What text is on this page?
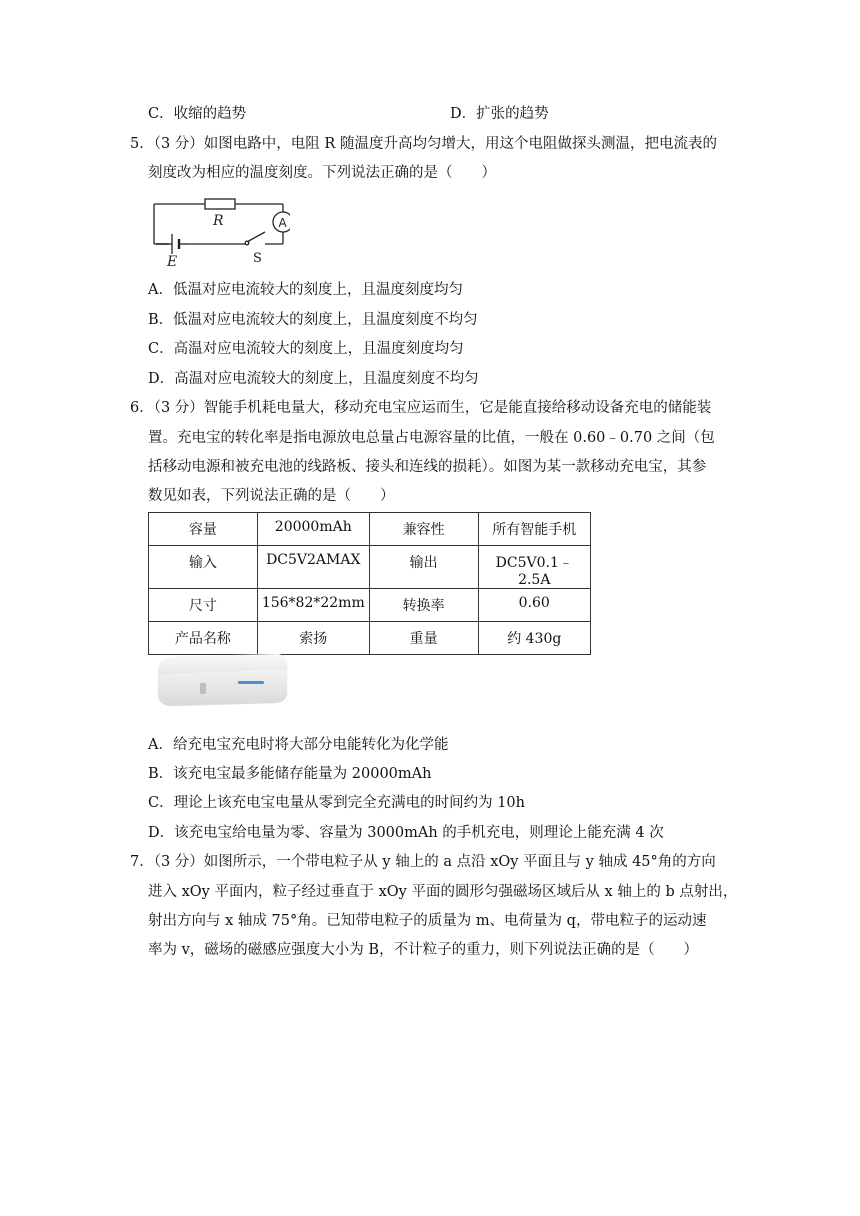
C．收缩的趋势	D．扩张的趋势
5．（3 分）如图电路中，电阻 R 随温度升高均匀增大，用这个电阻做探头测温，把电流表的
刻度改为相应的温度刻度。下列说法正确的是（　　）
R	A
E	S
A．低温对应电流较大的刻度上，且温度刻度均匀
B．低温对应电流较大的刻度上，且温度刻度不均匀
C．高温对应电流较大的刻度上，且温度刻度均匀
D．高温对应电流较大的刻度上，且温度刻度不均匀
6．（3 分）智能手机耗电量大，移动充电宝应运而生，它是能直接给移动设备充电的储能装
置。充电宝的转化率是指电源放电总量占电源容量的比值，一般在 0.60﹣0.70 之间（包
括移动电源和被充电池的线路板、接头和连线的损耗）。如图为某一款移动充电宝，其参
数见如表，下列说法正确的是（　　）
容量	20000mAh	兼容性	所有智能手机
输入	DC5V2AMAX	输出	DC5V0.1﹣2.5A
尺寸	156*82*22mm	转换率	0.60
产品名称	索扬	重量	约 430g
A．给充电宝充电时将大部分电能转化为化学能
B．该充电宝最多能储存能量为 20000mAh
C．理论上该充电宝电量从零到完全充满电的时间约为 10h
D．该充电宝给电量为零、容量为 3000mAh 的手机充电，则理论上能充满 4 次
7．（3 分）如图所示，一个带电粒子从 y 轴上的 a 点沿 xOy 平面且与 y 轴成 45°角的方向
进入 xOy 平面内，粒子经过垂直于 xOy 平面的圆形匀强磁场区域后从 x 轴上的 b 点射出，
射出方向与 x 轴成 75°角。已知带电粒子的质量为 m、电荷量为 q，带电粒子的运动速
率为 v，磁场的磁感应强度大小为 B，不计粒子的重力，则下列说法正确的是（　　）
